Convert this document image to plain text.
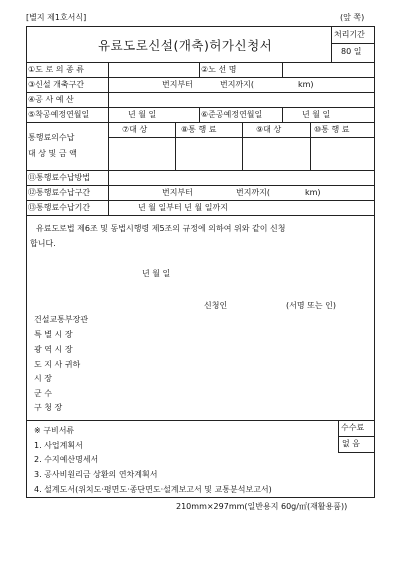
[별지 제1호서식]	(앞 쪽)
유료도로신설(개축)허가신청서
처리기간
80 일
①도 로 의 종 류	②노 선 명
③신설 개축구간	번지부터	번지까지(	km)
④공 사 예 산
⑤착공예정연월일	년 월 일	⑥준공예정연월일	년 월 일
통행료의수납
대 상 및 금 액
⑦대 상	⑧통 행 료	⑨대 상	⑩통 행 료
⑪통행료수납방법
⑫통행료수납구간	번지부터	번지까지(	km)
⑬통행료수납기간	년 월 일부터 년 월 일까지
유료도로법 제6조 및 동법시행령 제5조의 규정에 의하여 위와 같이 신청
합니다.
년 월 일
신청인	(서명 또는 인)
건설교통부장관
특 별 시 장
광 역 시 장
도 지 사 귀하
시 장
군 수
구 청 장
수수료
없 음
※ 구비서류
1. 사업계획서
2. 수지예산명세서
3. 공사비원리금 상환의 연차계획서
4. 설계도서(위치도·평면도·종단면도·설계보고서 및 교통분석보고서)
210mm×297mm(일반용지 60g/㎡(재활용품))
